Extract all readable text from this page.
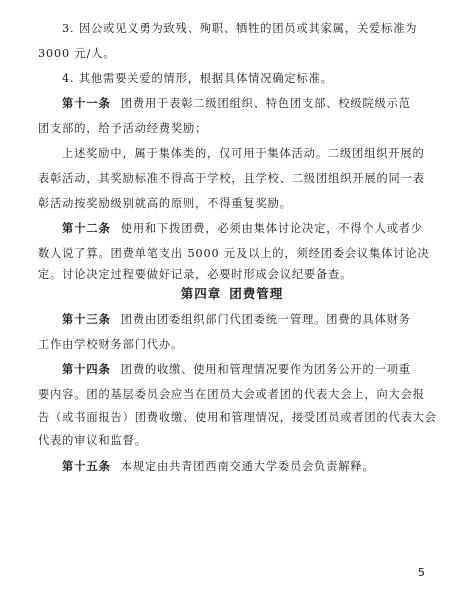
3. 因公或见义勇为致残、殉职、牺牲的团员或其家属，关爱标准为
3000 元/人。
4. 其他需要关爱的情形，根据具体情况确定标准。
第十一条 团费用于表彰二级团组织、特色团支部、校级院级示范
团支部的，给予活动经费奖励；
上述奖励中，属于集体类的，仅可用于集体活动。二级团组织开展的
表彰活动，其奖励标准不得高于学校，且学校、二级团组织开展的同一表
彰活动按奖励级别就高的原则，不得重复奖励。
第十二条 使用和下拨团费，必须由集体讨论决定，不得个人或者少
数人说了算。团费单笔支出 5000 元及以上的，须经团委会议集体讨论决
定。讨论决定过程要做好记录，必要时形成会议纪要备查。
第四章 团费管理
第十三条 团费由团委组织部门代团委统一管理。团费的具体财务
工作由学校财务部门代办。
第十四条 团费的收缴、使用和管理情况要作为团务公开的一项重
要内容。团的基层委员会应当在团员大会或者团的代表大会上，向大会报
告（或书面报告）团费收缴、使用和管理情况，接受团员或者团的代表大会
代表的审议和监督。
第十五条 本规定由共青团西南交通大学委员会负责解释。
5
